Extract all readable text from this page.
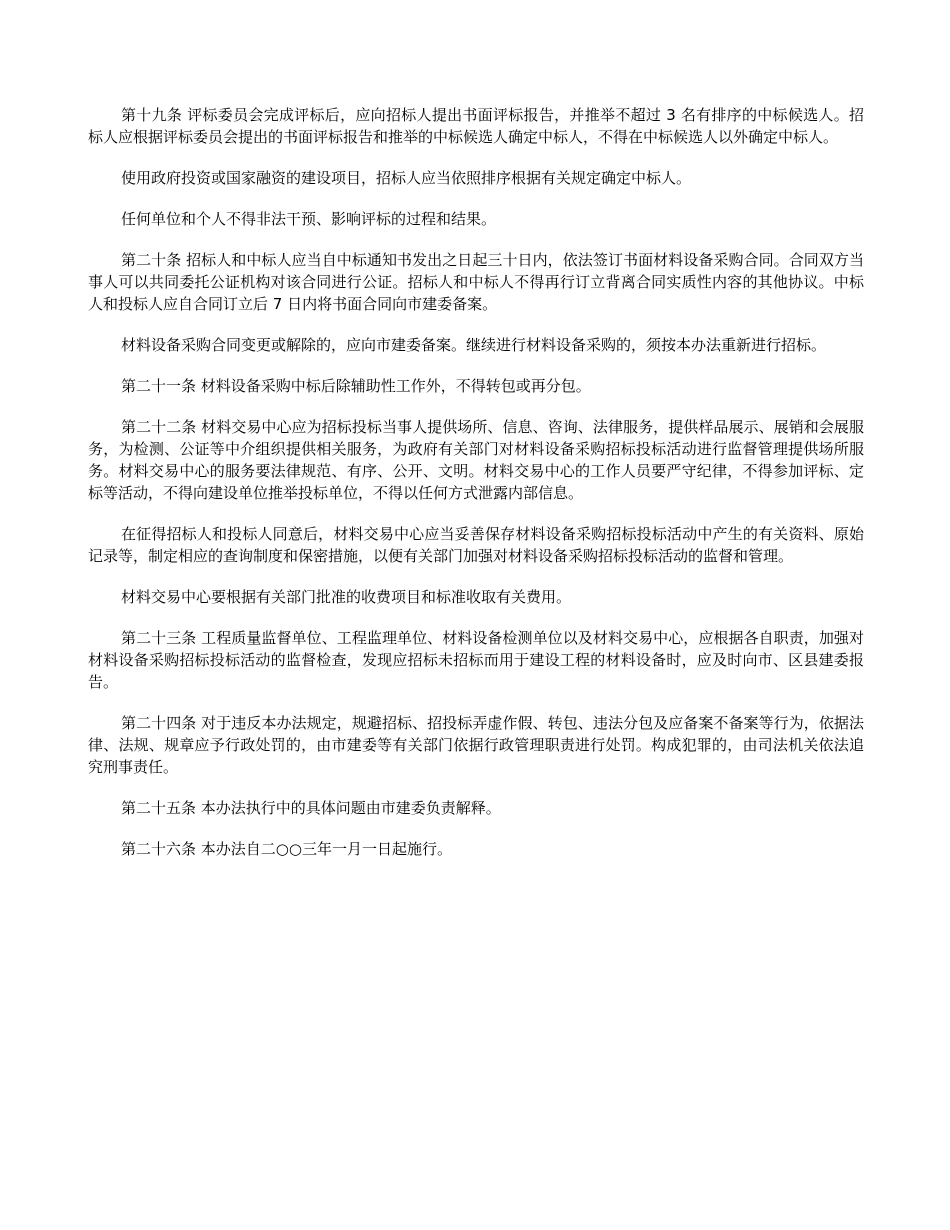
第十九条 评标委员会完成评标后，应向招标人提出书面评标报告，并推举不超过 3 名有排序的中标候选人。招标人应根据评标委员会提出的书面评标报告和推举的中标候选人确定中标人，不得在中标候选人以外确定中标人。

使用政府投资或国家融资的建设项目，招标人应当依照排序根据有关规定确定中标人。

任何单位和个人不得非法干预、影响评标的过程和结果。

第二十条 招标人和中标人应当自中标通知书发出之日起三十日内，依法签订书面材料设备采购合同。合同双方当事人可以共同委托公证机构对该合同进行公证。招标人和中标人不得再行订立背离合同实质性内容的其他协议。中标人和投标人应自合同订立后 7 日内将书面合同向市建委备案。

材料设备采购合同变更或解除的，应向市建委备案。继续进行材料设备采购的，须按本办法重新进行招标。

第二十一条 材料设备采购中标后除辅助性工作外，不得转包或再分包。

第二十二条 材料交易中心应为招标投标当事人提供场所、信息、咨询、法律服务，提供样品展示、展销和会展服务，为检测、公证等中介组织提供相关服务，为政府有关部门对材料设备采购招标投标活动进行监督管理提供场所服务。材料交易中心的服务要法律规范、有序、公开、文明。材料交易中心的工作人员要严守纪律，不得参加评标、定标等活动，不得向建设单位推举投标单位，不得以任何方式泄露内部信息。

在征得招标人和投标人同意后，材料交易中心应当妥善保存材料设备采购招标投标活动中产生的有关资料、原始记录等，制定相应的查询制度和保密措施，以便有关部门加强对材料设备采购招标投标活动的监督和管理。

材料交易中心要根据有关部门批准的收费项目和标准收取有关费用。

第二十三条 工程质量监督单位、工程监理单位、材料设备检测单位以及材料交易中心，应根据各自职责，加强对材料设备采购招标投标活动的监督检查，发现应招标未招标而用于建设工程的材料设备时，应及时向市、区县建委报告。

第二十四条 对于违反本办法规定，规避招标、招投标弄虚作假、转包、违法分包及应备案不备案等行为，依据法律、法规、规章应予行政处罚的，由市建委等有关部门依据行政管理职责进行处罚。构成犯罪的，由司法机关依法追究刑事责任。

第二十五条 本办法执行中的具体问题由市建委负责解释。

第二十六条 本办法自二○○三年一月一日起施行。
